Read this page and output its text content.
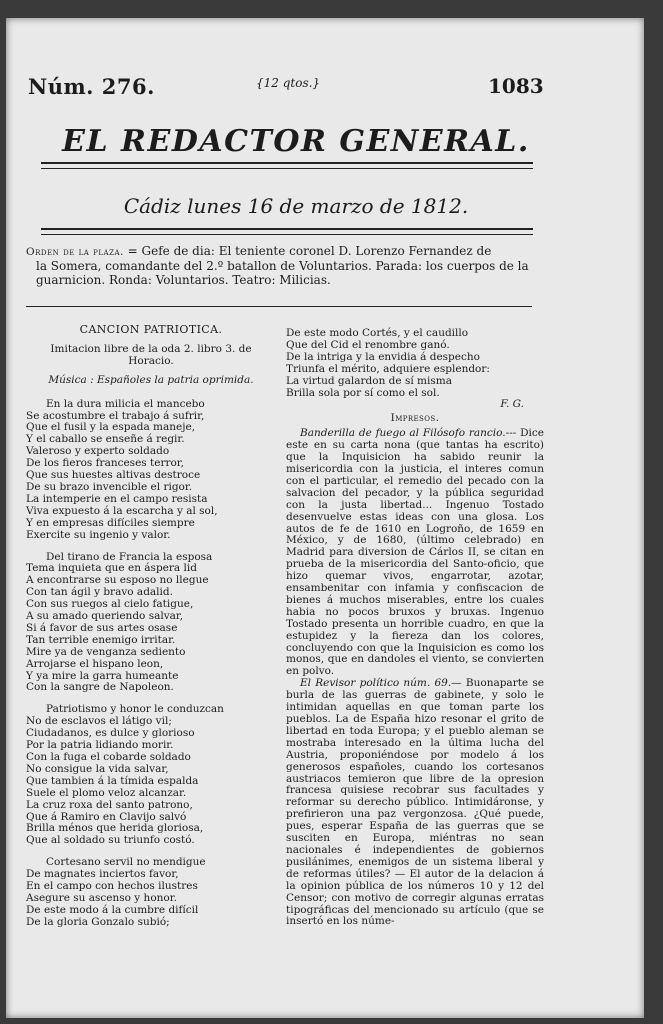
Núm. 276.	{12 qtos.}	1083
EL REDACTOR GENERAL.
Cádiz lunes 16 de marzo de 1812.
Orden de la plaza. = Gefe de dia: El teniente coronel D. Lorenzo Fernandez de
la Somera, comandante del 2.º batallon de Voluntarios. Parada: los cuerpos de la
guarnicion. Ronda: Voluntarios. Teatro: Milicias.
CANCION PATRIOTICA.
Imitacion libre de la oda 2. libro 3. de Horacio.
Música : Españoles la patria oprimida.
En la dura milicia el mancebo
Se acostumbre el trabajo á sufrir,
Que el fusil y la espada maneje,
Y el caballo se enseñe á regir.
Valeroso y experto soldado
De los fieros franceses terror,
Que sus huestes altivas destroce
De su brazo invencible el rigor.
La intemperie en el campo resista
Viva expuesto á la escarcha y al sol,
Y en empresas difíciles siempre
Exercite su ingenio y valor.
Del tirano de Francia la esposa
Tema inquieta que en áspera lid
A encontrarse su esposo no llegue
Con tan ágil y bravo adalid.
Con sus ruegos al cielo fatigue,
A su amado queriendo salvar,
Si á favor de sus artes osase
Tan terrible enemigo irritar.
Mire ya de venganza sediento
Arrojarse el hispano leon,
Y ya mire la garra humeante
Con la sangre de Napoleon.
Patriotismo y honor le conduzcan
No de esclavos el látigo vil;
Ciudadanos, es dulce y glorioso
Por la patria lidiando morir.
Con la fuga el cobarde soldado
No consigue la vida salvar,
Que tambien á la tímida espalda
Suele el plomo veloz alcanzar.
La cruz roxa del santo patrono,
Que á Ramiro en Clavijo salvó
Brilla ménos que herida gloriosa,
Que al soldado su triunfo costó.
Cortesano servil no mendigue
De magnates inciertos favor,
En el campo con hechos ilustres
Asegure su ascenso y honor.
De este modo á la cumbre difícil
De la gloria Gonzalo subió;
De este modo Cortés, y el caudillo
Que del Cid el renombre ganó.
De la intriga y la envidia á despecho
Triunfa el mérito, adquiere esplendor:
La virtud galardon de sí misma
Brilla sola por sí como el sol.
F. G.
Impresos.

Banderilla de fuego al Filósofo rancio.--- Dice este en su carta nona (que tantas ha escrito) que la Inquisicion ha sabido reunir la misericordia con la justicia, el interes comun con el particular, el remedio del pecado con la salvacion del pecador, y la pública seguridad con la justa libertad... Ingenuo Tostado desenvuelve estas ideas con una glosa. Los autos de fe de 1610 en Logroño, de 1659 en México, y de 1680, (último celebrado) en Madrid para diversion de Cárlos II, se citan en prueba de la misericordia del Santo-oficio, que hizo quemar vivos, engarrotar, azotar, ensambenitar con infamia y confiscacion de bienes á muchos miserables, entre los cuales habia no pocos bruxos y bruxas. Ingenuo Tostado presenta un horrible cuadro, en que la estupidez y la fiereza dan los colores, concluyendo con que la Inquisicion es como los monos, que en dandoles el viento, se convierten en polvo.

El Revisor político núm. 69.— Buonaparte se burla de las guerras de gabinete, y solo le intimidan aquellas en que toman parte los pueblos. La de España hizo resonar el grito de libertad en toda Europa; y el pueblo aleman se mostraba interesado en la última lucha del Austria, proponiéndose por modelo á los generosos españoles, cuando los cortesanos austriacos temieron que libre de la opresion francesa quisiese recobrar sus facultades y reformar su derecho público. Intimidáronse, y prefirieron una paz vergonzosa. ¿Qué puede, pues, esperar España de las guerras que se susciten en Europa, miéntras no sean nacionales é independientes de gobiernos pusilánimes, enemigos de un sistema liberal y de reformas útiles? — El autor de la delacion á la opinion pública de los números 10 y 12 del Censor; con motivo de corregir algunas erratas tipográficas del mencionado su artículo (que se insertó en los núme-
